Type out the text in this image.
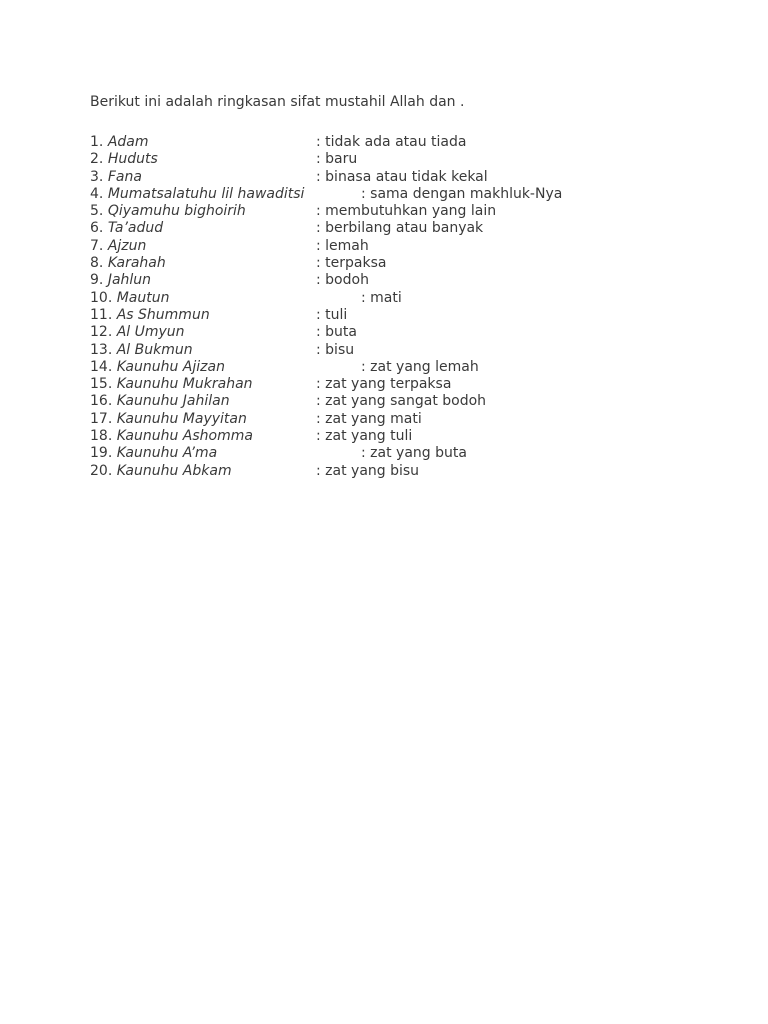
Berikut ini adalah ringkasan sifat mustahil Allah dan .
1. Adam	: tidak ada atau tiada
2. Huduts	: baru
3. Fana	: binasa atau tidak kekal
4. Mumatsalatuhu lil hawaditsi	: sama dengan makhluk-Nya
5. Qiyamuhu bighoirih	: membutuhkan yang lain
6. Ta’adud	: berbilang atau banyak
7. Ajzun	: lemah
8. Karahah	: terpaksa
9. Jahlun	: bodoh
10. Mautun	: mati
11. As Shummun	: tuli
12. Al Umyun	: buta
13. Al Bukmun	: bisu
14. Kaunuhu Ajizan	: zat yang lemah
15. Kaunuhu Mukrahan	: zat yang terpaksa
16. Kaunuhu Jahilan	: zat yang sangat bodoh
17. Kaunuhu Mayyitan	: zat yang mati
18. Kaunuhu Ashomma	: zat yang tuli
19. Kaunuhu A’ma	: zat yang buta
20. Kaunuhu Abkam	: zat yang bisu
